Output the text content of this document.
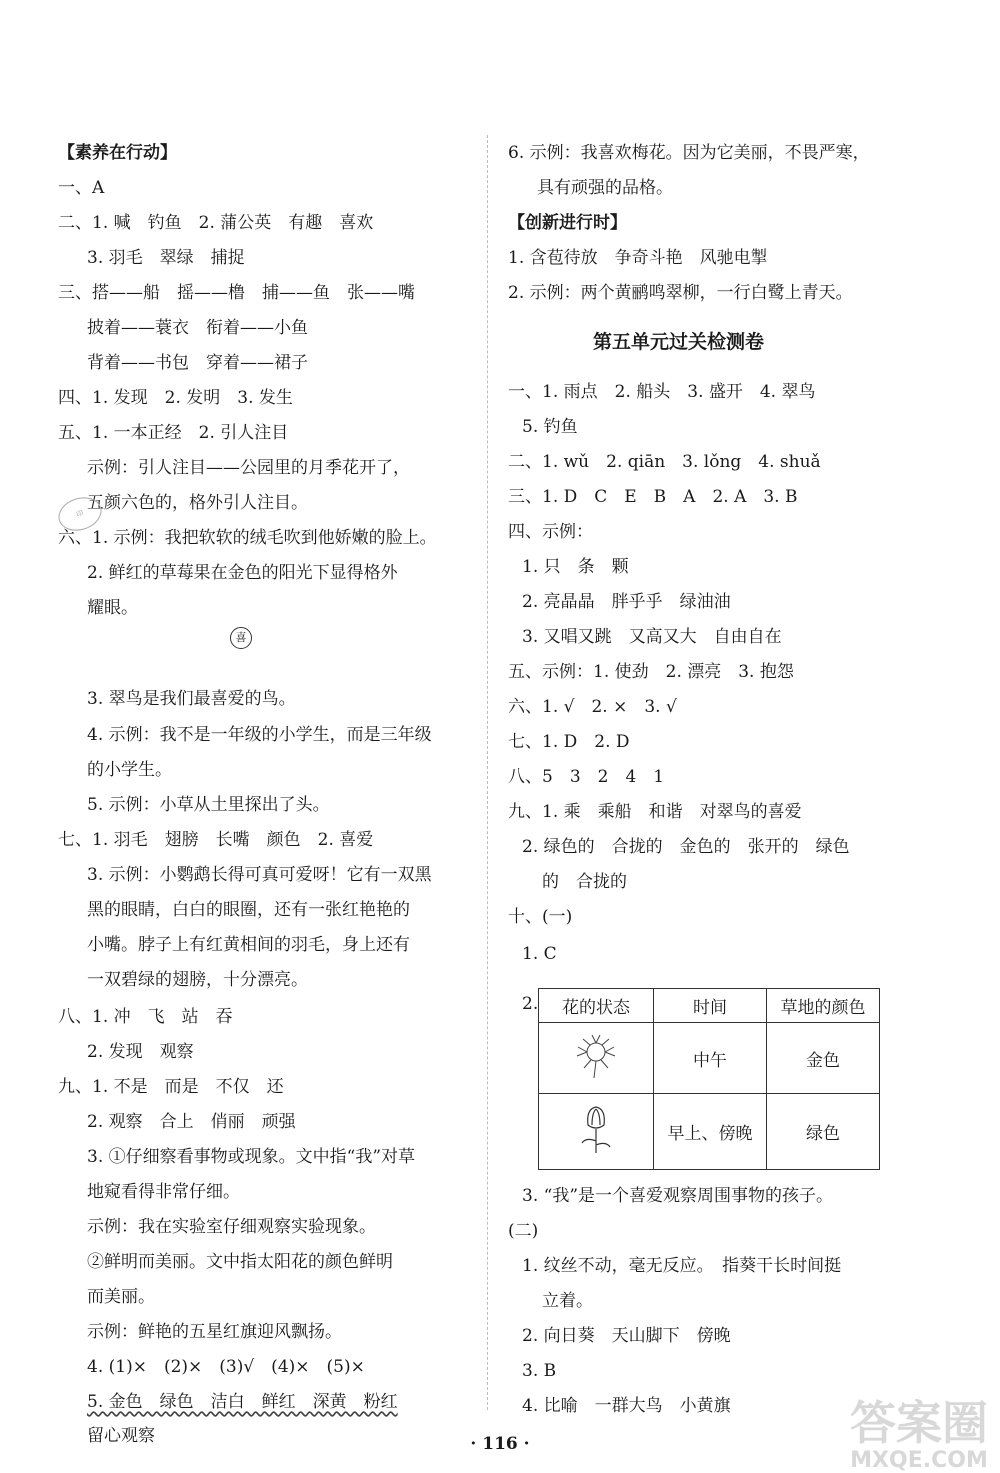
【素养在行动】
一、A
二、1. 喊　钓鱼　2. 蒲公英　有趣　喜欢
3. 羽毛　翠绿　捕捉
三、搭——船　摇——橹　捕——鱼　张——嘴
披着——蓑衣　衔着——小鱼
背着——书包　穿着——裙子
四、1. 发现　2. 发明　3. 发生
五、1. 一本正经　2. 引人注目
示例：引人注目——公园里的月季花开了，
五颜六色的，格外引人注目。
六、1. 示例：我把软软的绒毛吹到他娇嫩的脸上。
2. 鲜红的草莓果在金色的阳光下显得格外
耀眼。
3. 翠鸟是我们最喜爱的鸟。
4. 示例：我不是一年级的小学生，而是三年级
的小学生。
5. 示例：小草从土里探出了头。
七、1. 羽毛　翅膀　长嘴　颜色　2. 喜爱
3. 示例：小鹦鹉长得可真可爱呀！它有一双黑
黑的眼睛，白白的眼圈，还有一张红艳艳的
小嘴。脖子上有红黄相间的羽毛，身上还有
一双碧绿的翅膀，十分漂亮。
八、1. 冲　飞　站　吞
2. 发现　观察
九、1. 不是　而是　不仅　还
2. 观察　合上　俏丽　顽强
3. ①仔细察看事物或现象。文中指“我”对草
地窥看得非常仔细。
示例：我在实验室仔细观察实验现象。
②鲜明而美丽。文中指太阳花的颜色鲜明
而美丽。
示例：鲜艳的五星红旗迎风飘扬。
4. (1)×　(2)×　(3)√　(4)×　(5)×
5. 金色　绿色　洁白　鲜红　深黄　粉红
留心观察
印
喜
6. 示例：我喜欢梅花。因为它美丽，不畏严寒，
具有顽强的品格。
【创新进行时】
1. 含苞待放　争奇斗艳　风驰电掣
2. 示例：两个黄鹂鸣翠柳，一行白鹭上青天。
第五单元过关检测卷
一、1. 雨点　2. 船头　3. 盛开　4. 翠鸟
5. 钓鱼
二、1. wǔ　2. qiān　3. lǒng　4. shuǎ
三、1. D　C　E　B　A　2. A　3. B
四、示例：
1. 只　条　颗
2. 亮晶晶　胖乎乎　绿油油
3. 又唱又跳　又高又大　自由自在
五、示例：1. 使劲　2. 漂亮　3. 抱怨
六、1. √　2. ×　3. √
七、1. D　2. D
八、5　3　2　4　1
九、1. 乘　乘船　和谐　对翠鸟的喜爱
2. 绿色的　合拢的　金色的　张开的　绿色
的　合拢的
十、(一)
1. C
2. 花的状态	时间	草地的颜色
	中午	金色
	早上、傍晚	绿色
3. “我”是一个喜爱观察周围事物的孩子。
(二)
1. 纹丝不动，毫无反应。　指葵干长时间挺
立着。
2. 向日葵　天山脚下　傍晚
3. B
4. 比喻　一群大鸟　小黄旗
· 116 ·	答案圈
MXQE.COM
